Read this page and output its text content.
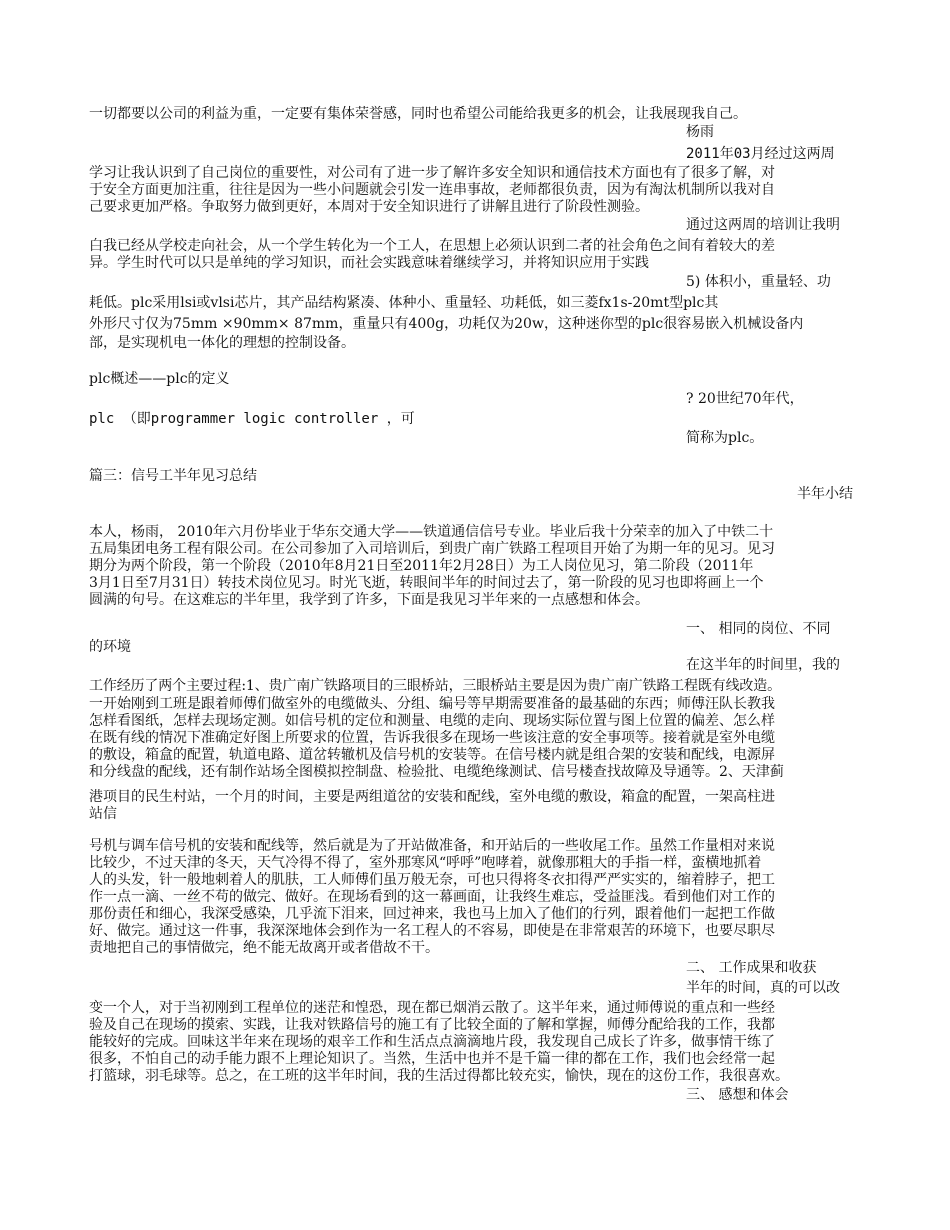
一切都要以公司的利益为重，一定要有集体荣誉感，同时也希望公司能给我更多的机会，让我展现我自己。

杨雨

2011年03月经过这两周

学习让我认识到了自己岗位的重要性，对公司有了进一步了解许多安全知识和通信技术方面也有了很多了解，对

于安全方面更加注重，往往是因为一些小问题就会引发一连串事故，老师都很负责，因为有淘汰机制所以我对自

己要求更加严格。争取努力做到更好，本周对于安全知识进行了讲解且进行了阶段性测验。

通过这两周的培训让我明

白我已经从学校走向社会，从一个学生转化为一个工人，在思想上必须认识到二者的社会角色之间有着较大的差

异。学生时代可以只是单纯的学习知识，而社会实践意味着继续学习，并将知识应用于实践

5) 体积小，重量轻、功

耗低。plc采用lsi或vlsi芯片，其产品结构紧凑、体种小、重量轻、功耗低，如三菱fx1s-20mt型plc其

外形尺寸仅为75mm ×90mm× 87mm，重量只有400g，功耗仅为20w，这种迷你型的plc很容易嵌入机械设备内

部，是实现机电一体化的理想的控制设备。

plc概述——plc的定义

? 20世纪70年代，

plc （即programmer logic controller ，可

简称为plc。

篇三：信号工半年见习总结

半年小结

本人，杨雨， 2010年六月份毕业于华东交通大学——铁道通信信号专业。毕业后我十分荣幸的加入了中铁二十

五局集团电务工程有限公司。在公司参加了入司培训后，到贵广南广铁路工程项目开始了为期一年的见习。见习

期分为两个阶段，第一个阶段（2010年8月21日至2011年2月28日）为工人岗位见习，第二阶段（2011年

3月1日至7月31日）转技术岗位见习。时光飞逝，转眼间半年的时间过去了，第一阶段的见习也即将画上一个

圆满的句号。在这难忘的半年里，我学到了许多，下面是我见习半年来的一点感想和体会。

一、 相同的岗位、不同

的环境

在这半年的时间里，我的

工作经历了两个主要过程:1、贵广南广铁路项目的三眼桥站，三眼桥站主要是因为贵广南广铁路工程既有线改造。

一开始刚到工班是跟着师傅们做室外的电缆做头、分组、编号等早期需要准备的最基础的东西；师傅汪队长教我

怎样看图纸，怎样去现场定测。如信号机的定位和测量、电缆的走向、现场实际位置与图上位置的偏差、怎么样

在既有线的情况下准确定好图上所要求的位置，告诉我很多在现场一些该注意的安全事项等。接着就是室外电缆

的敷设，箱盒的配置，轨道电路、道岔转辙机及信号机的安装等。在信号楼内就是组合架的安装和配线，电源屏

和分线盘的配线，还有制作站场全图模拟控制盘、检验批、电缆绝缘测试、信号楼查找故障及导通等。2、天津蓟

港项目的民生村站，一个月的时间，主要是两组道岔的安装和配线，室外电缆的敷设，箱盒的配置，一架高柱进

站信

号机与调车信号机的安装和配线等，然后就是为了开站做准备，和开站后的一些收尾工作。虽然工作量相对来说

比较少，不过天津的冬天，天气冷得不得了，室外那寒风“呼呼”咆哮着，就像那粗大的手指一样，蛮横地抓着

人的头发，针一般地刺着人的肌肤，工人师傅们虽万般无奈，可也只得将冬衣扣得严严实实的，缩着脖子，把工

作一点一滴、一丝不苟的做完、做好。在现场看到的这一幕画面，让我终生难忘，受益匪浅。看到他们对工作的

那份责任和细心，我深受感染，几乎流下泪来，回过神来，我也马上加入了他们的行列，跟着他们一起把工作做

好、做完。通过这一件事，我深深地体会到作为一名工程人的不容易，即使是在非常艰苦的环境下，也要尽职尽

责地把自己的事情做完，绝不能无故离开或者借故不干。

二、 工作成果和收获

半年的时间，真的可以改

变一个人，对于当初刚到工程单位的迷茫和惶恐，现在都已烟消云散了。这半年来，通过师傅说的重点和一些经

验及自己在现场的摸索、实践，让我对铁路信号的施工有了比较全面的了解和掌握，师傅分配给我的工作，我都

能较好的完成。回味这半年来在现场的艰辛工作和生活点点滴滴地片段，我发现自己成长了许多，做事情干练了

很多，不怕自己的动手能力跟不上理论知识了。当然，生活中也并不是千篇一律的都在工作，我们也会经常一起

打篮球，羽毛球等。总之，在工班的这半年时间，我的生活过得都比较充实，愉快，现在的这份工作，我很喜欢。

三、 感想和体会
